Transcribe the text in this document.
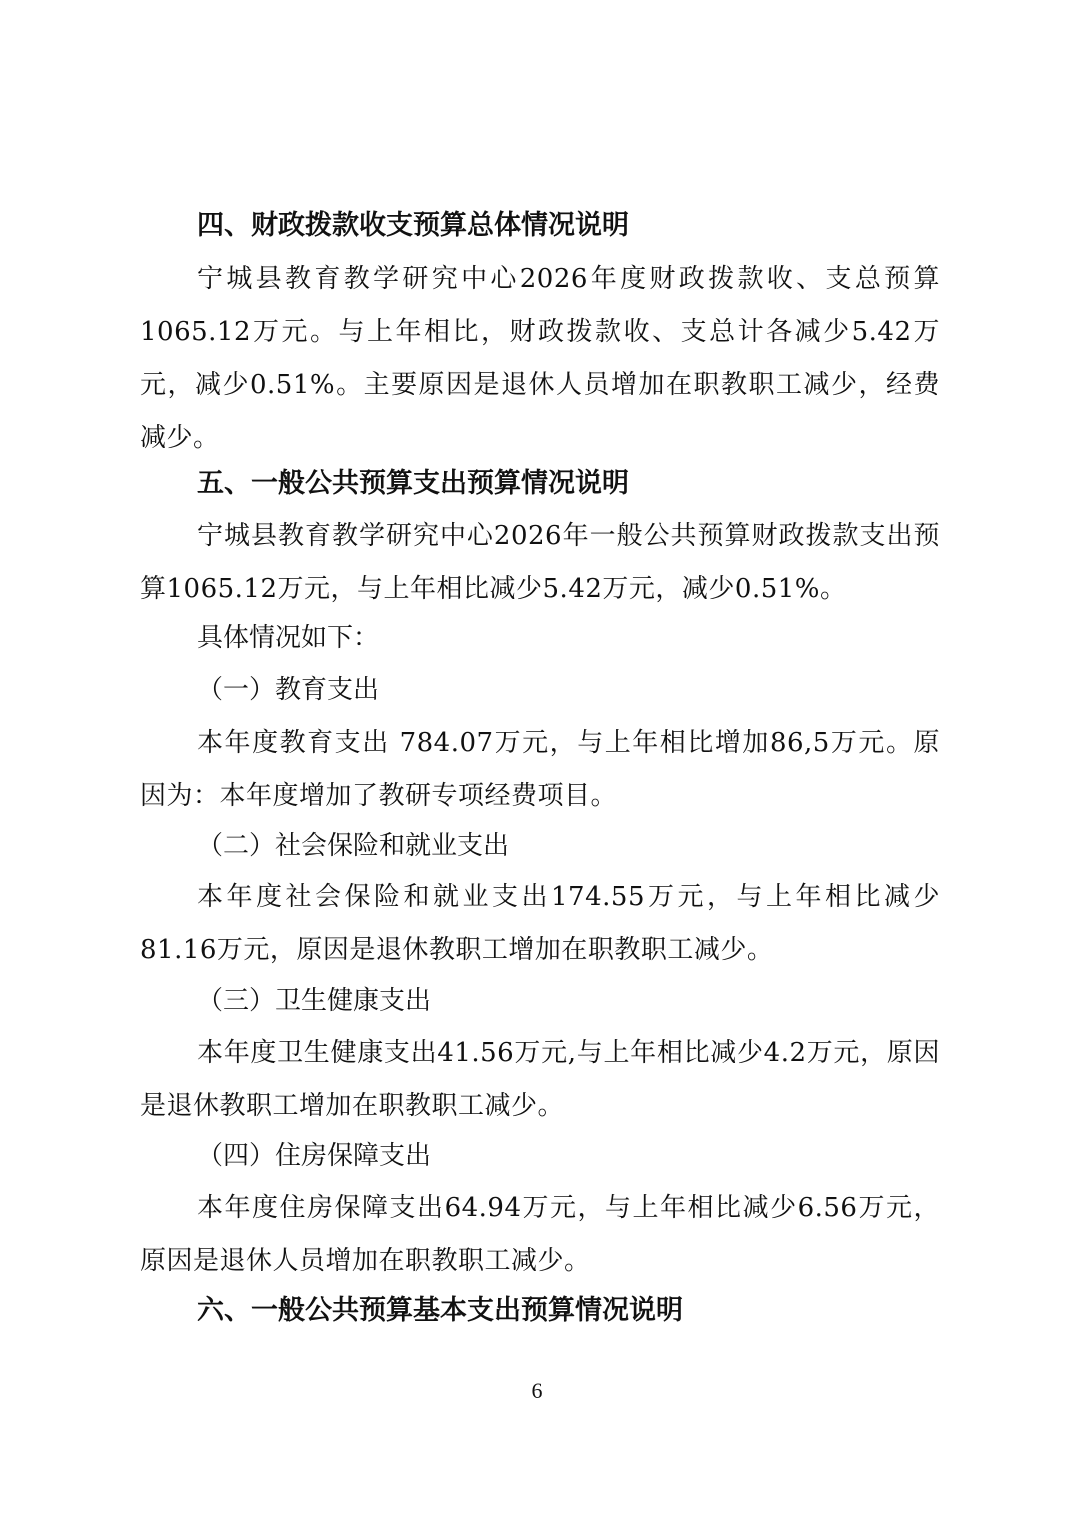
四、财政拨款收支预算总体情况说明
宁城县教育教学研究中心2026年度财政拨款收、支总预算1065.12万元。与上年相比，财政拨款收、支总计各减少5.42万元，减少0.51%。主要原因是退休人员增加在职教职工减少，经费减少。
五、一般公共预算支出预算情况说明
宁城县教育教学研究中心2026年一般公共预算财政拨款支出预算1065.12万元，与上年相比减少5.42万元，减少0.51%。
具体情况如下：
（一）教育支出
本年度教育支出 784.07万元，与上年相比增加86,5万元。原因为：本年度增加了教研专项经费项目。
（二）社会保险和就业支出
本年度社会保险和就业支出174.55万元，与上年相比减少81.16万元，原因是退休教职工增加在职教职工减少。
（三）卫生健康支出
本年度卫生健康支出41.56万元,与上年相比减少4.2万元，原因是退休教职工增加在职教职工减少。
（四）住房保障支出
本年度住房保障支出64.94万元，与上年相比减少6.56万元，原因是退休人员增加在职教职工减少。
六、一般公共预算基本支出预算情况说明
6
